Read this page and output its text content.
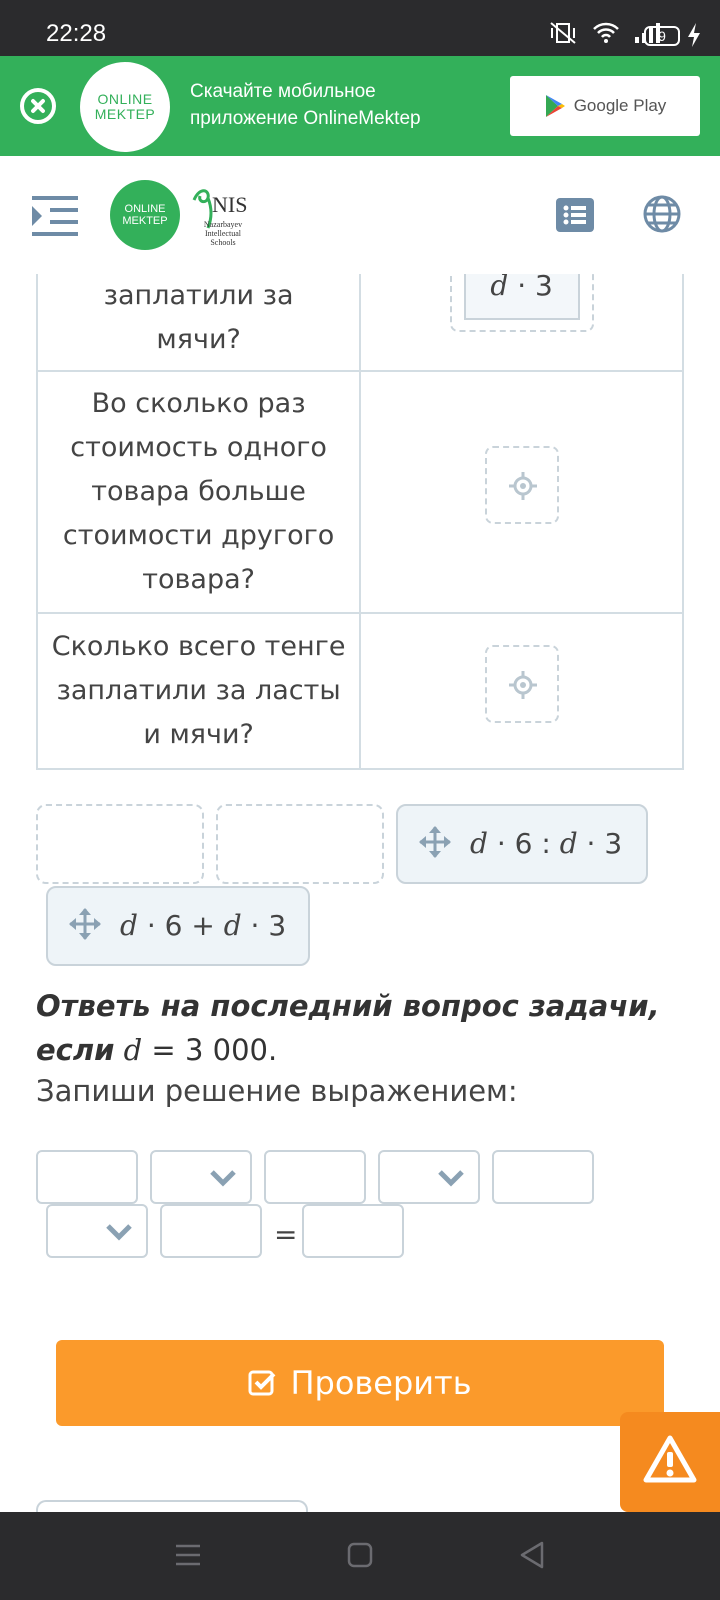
22:28	9
ONLINE
MEKTEP
Скачайте мобильное приложение OnlineMektep
Google Play
ONLINE
MEKTEP
NIS
Nazarbayev Intellectual Schools
заплатили за мячи?	d · 3

Во сколько раз стоимость одного товара больше стоимости другого товара?	

Сколько всего тенге заплатили за ласты и мячи?	
d · 6 : d · 3
d · 6 + d · 3
Ответь на последний вопрос задачи, если d = 3 000.
Запиши решение выражением:
=
Проверить
